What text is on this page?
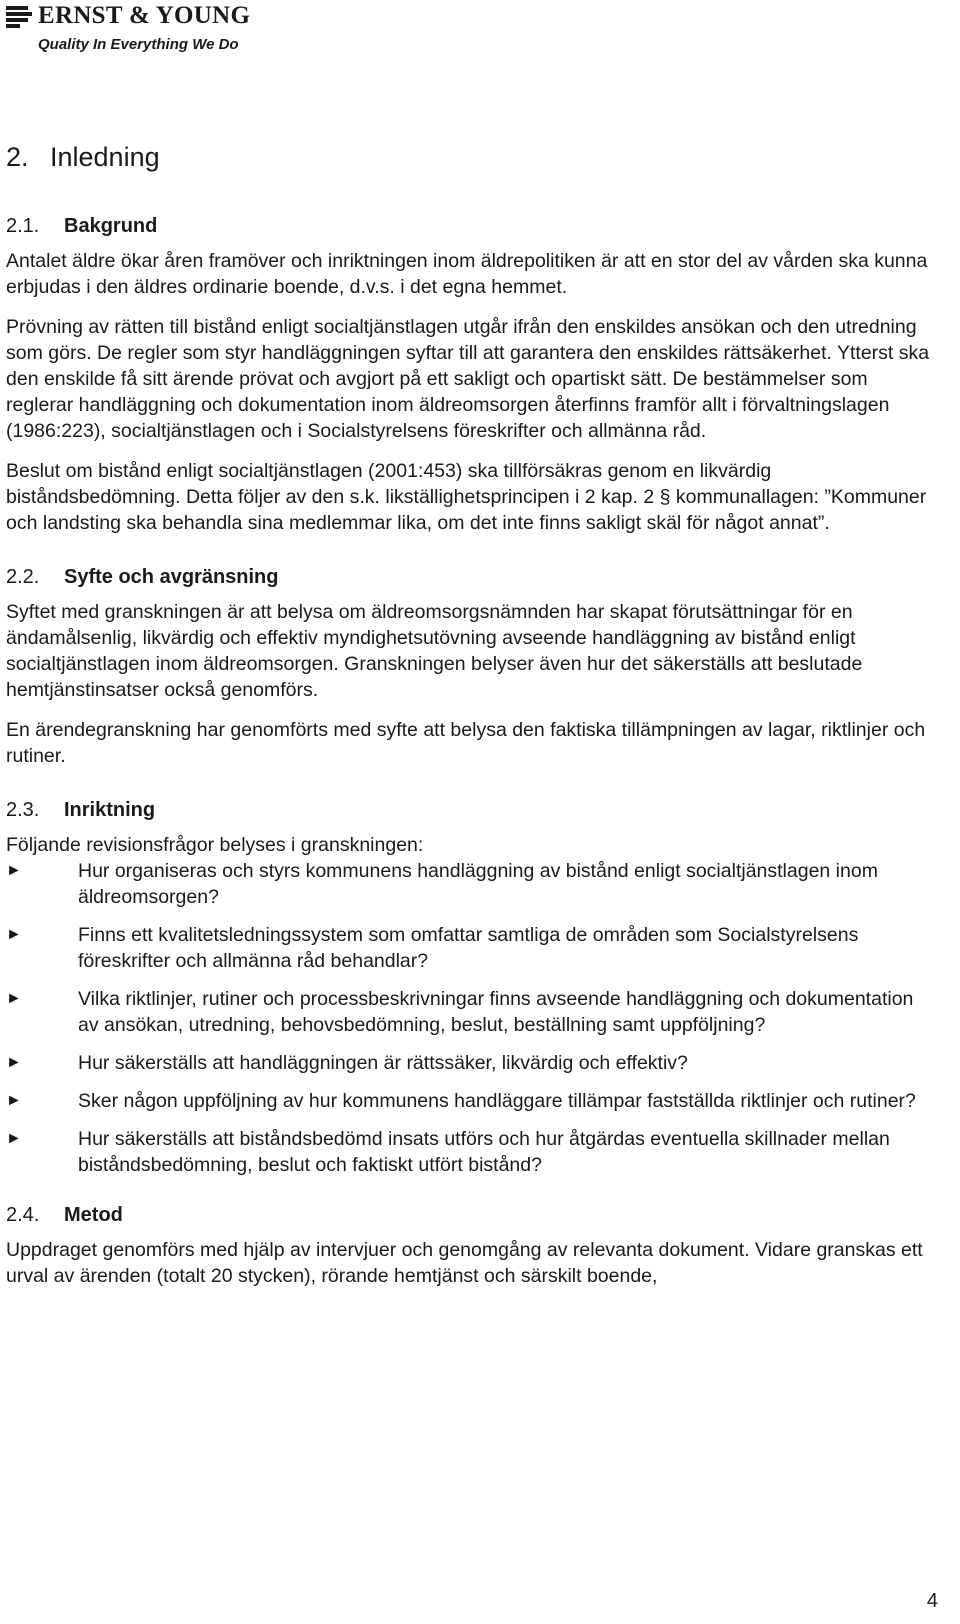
ERNST & YOUNG
Quality In Everything We Do
2. Inledning
2.1.	Bakgrund

Antalet äldre ökar åren framöver och inriktningen inom äldrepolitiken är att en stor del av vården ska kunna erbjudas i den äldres ordinarie boende, d.v.s. i det egna hemmet.

Prövning av rätten till bistånd enligt socialtjänstlagen utgår ifrån den enskildes ansökan och den utredning som görs. De regler som styr handläggningen syftar till att garantera den enskildes rättsäkerhet. Ytterst ska den enskilde få sitt ärende prövat och avgjort på ett sakligt och opartiskt sätt. De bestämmelser som reglerar handläggning och dokumentation inom äldreomsorgen återfinns framför allt i förvaltningslagen (1986:223), socialtjänstlagen och i Socialstyrelsens föreskrifter och allmänna råd.

Beslut om bistånd enligt socialtjänstlagen (2001:453) ska tillförsäkras genom en likvärdig biståndsbedömning. Detta följer av den s.k. likställighetsprincipen i 2 kap. 2 § kommunallagen: ”Kommuner och landsting ska behandla sina medlemmar lika, om det inte finns sakligt skäl för något annat”.

2.2.	Syfte och avgränsning

Syftet med granskningen är att belysa om äldreomsorgsnämnden har skapat förutsättningar för en ändamålsenlig, likvärdig och effektiv myndighetsutövning avseende handläggning av bistånd enligt socialtjänstlagen inom äldreomsorgen. Granskningen belyser även hur det säkerställs att beslutade hemtjänstinsatser också genomförs.

En ärendegranskning har genomförts med syfte att belysa den faktiska tillämpningen av lagar, riktlinjer och rutiner.

2.3.	Inriktning

Följande revisionsfrågor belyses i granskningen:

►	Hur organiseras och styrs kommunens handläggning av bistånd enligt socialtjänstlagen inom äldreomsorgen?
►	Finns ett kvalitetsledningssystem som omfattar samtliga de områden som Socialstyrelsens föreskrifter och allmänna råd behandlar?
►	Vilka riktlinjer, rutiner och processbeskrivningar finns avseende handläggning och dokumentation av ansökan, utredning, behovsbedömning, beslut, beställning samt uppföljning?
►	Hur säkerställs att handläggningen är rättssäker, likvärdig och effektiv?
►	Sker någon uppföljning av hur kommunens handläggare tillämpar fastställda riktlinjer och rutiner?
►	Hur säkerställs att biståndsbedömd insats utförs och hur åtgärdas eventuella skillnader mellan biståndsbedömning, beslut och faktiskt utfört bistånd?
2.4.	Metod

Uppdraget genomförs med hjälp av intervjuer och genomgång av relevanta dokument. Vidare granskas ett urval av ärenden (totalt 20 stycken), rörande hemtjänst och särskilt boende,

4
